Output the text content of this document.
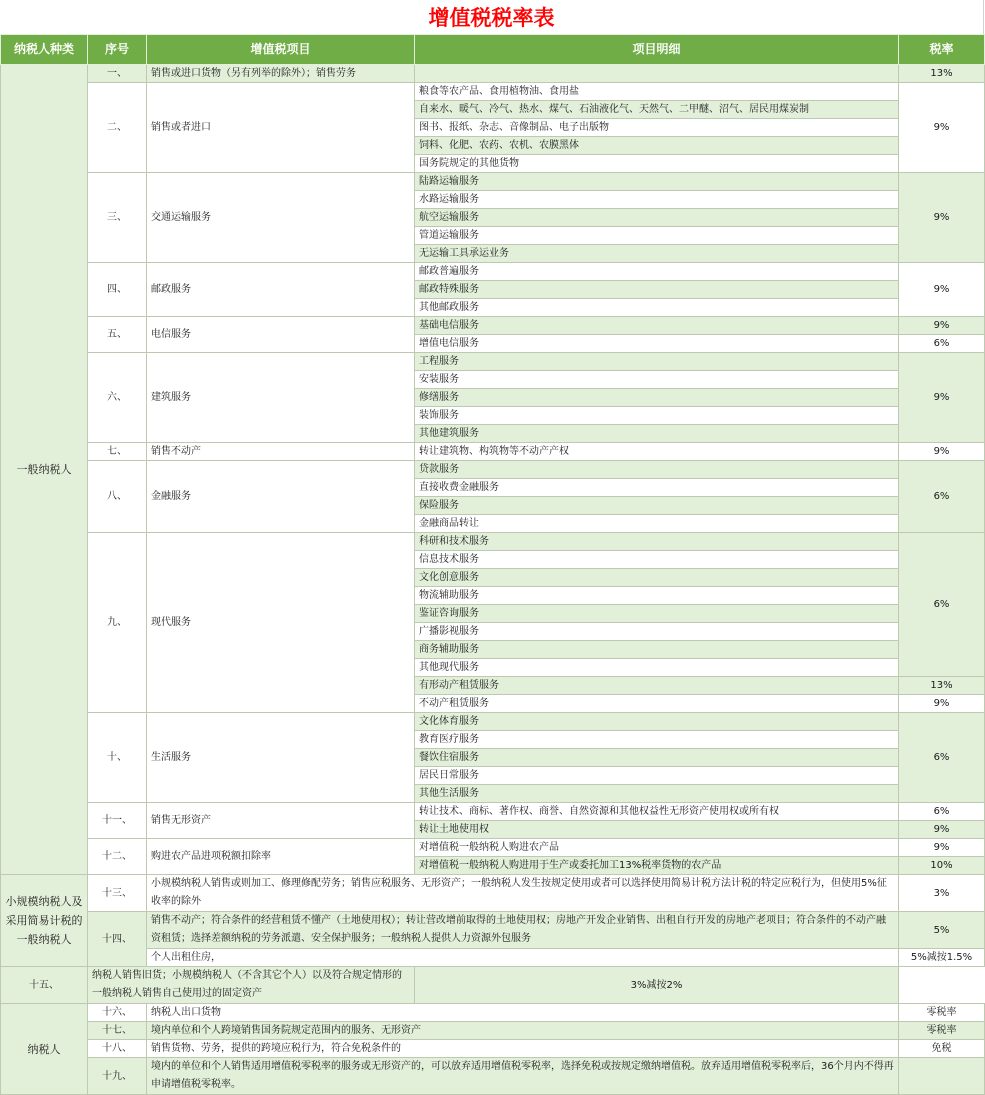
增值税税率表
纳税人种类	序号	增值税项目	项目明细	税率
一般纳税人	一、	销售或进口货物（另有列举的除外）；销售劳务		13%
	二、	销售或者进口	粮食等农产品、食用植物油、食用盐	9%
			自来水、暖气、冷气、热水、煤气、石油液化气、天然气、二甲醚、沼气、居民用煤炭制	
			图书、报纸、杂志、音像制品、电子出版物	
			饲料、化肥、农药、农机、农膜黑体	
			国务院规定的其他货物	
	三、	交通运输服务	陆路运输服务	9%
			水路运输服务	
			航空运输服务	
			管道运输服务	
			无运输工具承运业务	
	四、	邮政服务	邮政普遍服务	9%
			邮政特殊服务	
			其他邮政服务	
	五、	电信服务	基础电信服务	9%
			增值电信服务	6%
	六、	建筑服务	工程服务	9%
			安装服务	
			修缮服务	
			装饰服务	
			其他建筑服务	
	七、	销售不动产	转让建筑物、构筑物等不动产产权	9%
	八、	金融服务	贷款服务	6%
			直接收费金融服务	
			保险服务	
			金融商品转让	
	九、	现代服务	科研和技术服务	6%
			信息技术服务	
			文化创意服务	
			物流辅助服务	
			鉴证咨询服务	
			广播影视服务	
			商务辅助服务	
			其他现代服务	
			有形动产租赁服务	13%
			不动产租赁服务	9%
	十、	生活服务	文化体育服务	6%
			教育医疗服务	
			餐饮住宿服务	
			居民日常服务	
			其他生活服务	
	十一、	销售无形资产	转让技术、商标、著作权、商誉、自然资源和其他权益性无形资产使用权或所有权	6%
			转让土地使用权	9%
	十二、	购进农产品进项税额扣除率	对增值税一般纳税人购进农产品	9%
			对增值税一般纳税人购进用于生产或委托加工13%税率货物的农产品	10%
小规模纳税人及采用简易计税的一般纳税人	十三、	小规模纳税人销售或则加工、修理修配劳务；销售应税服务、无形资产；一般纳税人发生按规定使用或者可以选择使用简易计税方法计税的特定应税行为，但使用5%征收率的除外		3%
	十四、	销售不动产；符合条件的经营租赁不懂产（土地使用权）；转让营改增前取得的土地使用权；房地产开发企业销售、出租自行开发的房地产老项目；符合条件的不动产融资租赁；选择差额纳税的劳务派遣、安全保护服务；一般纳税人提供人力资源外包服务		5%
		个人出租住房，		5%减按1.5%
十五、	纳税人销售旧货；小规模纳税人（不含其它个人）以及符合规定情形的一般纳税人销售自己使用过的固定资产		3%减按2%	
纳税人	十六、	纳税人出口货物		零税率
	十七、	境内单位和个人跨境销售国务院规定范围内的服务、无形资产		零税率
	十八、	销售货物、劳务，提供的跨境应税行为，符合免税条件的		免税
	十九、	境内的单位和个人销售适用增值税零税率的服务或无形资产的，可以放弃适用增值税零税率，选择免税或按规定缴纳增值税。放弃适用增值税零税率后，36个月内不得再申请增值税零税率。		
